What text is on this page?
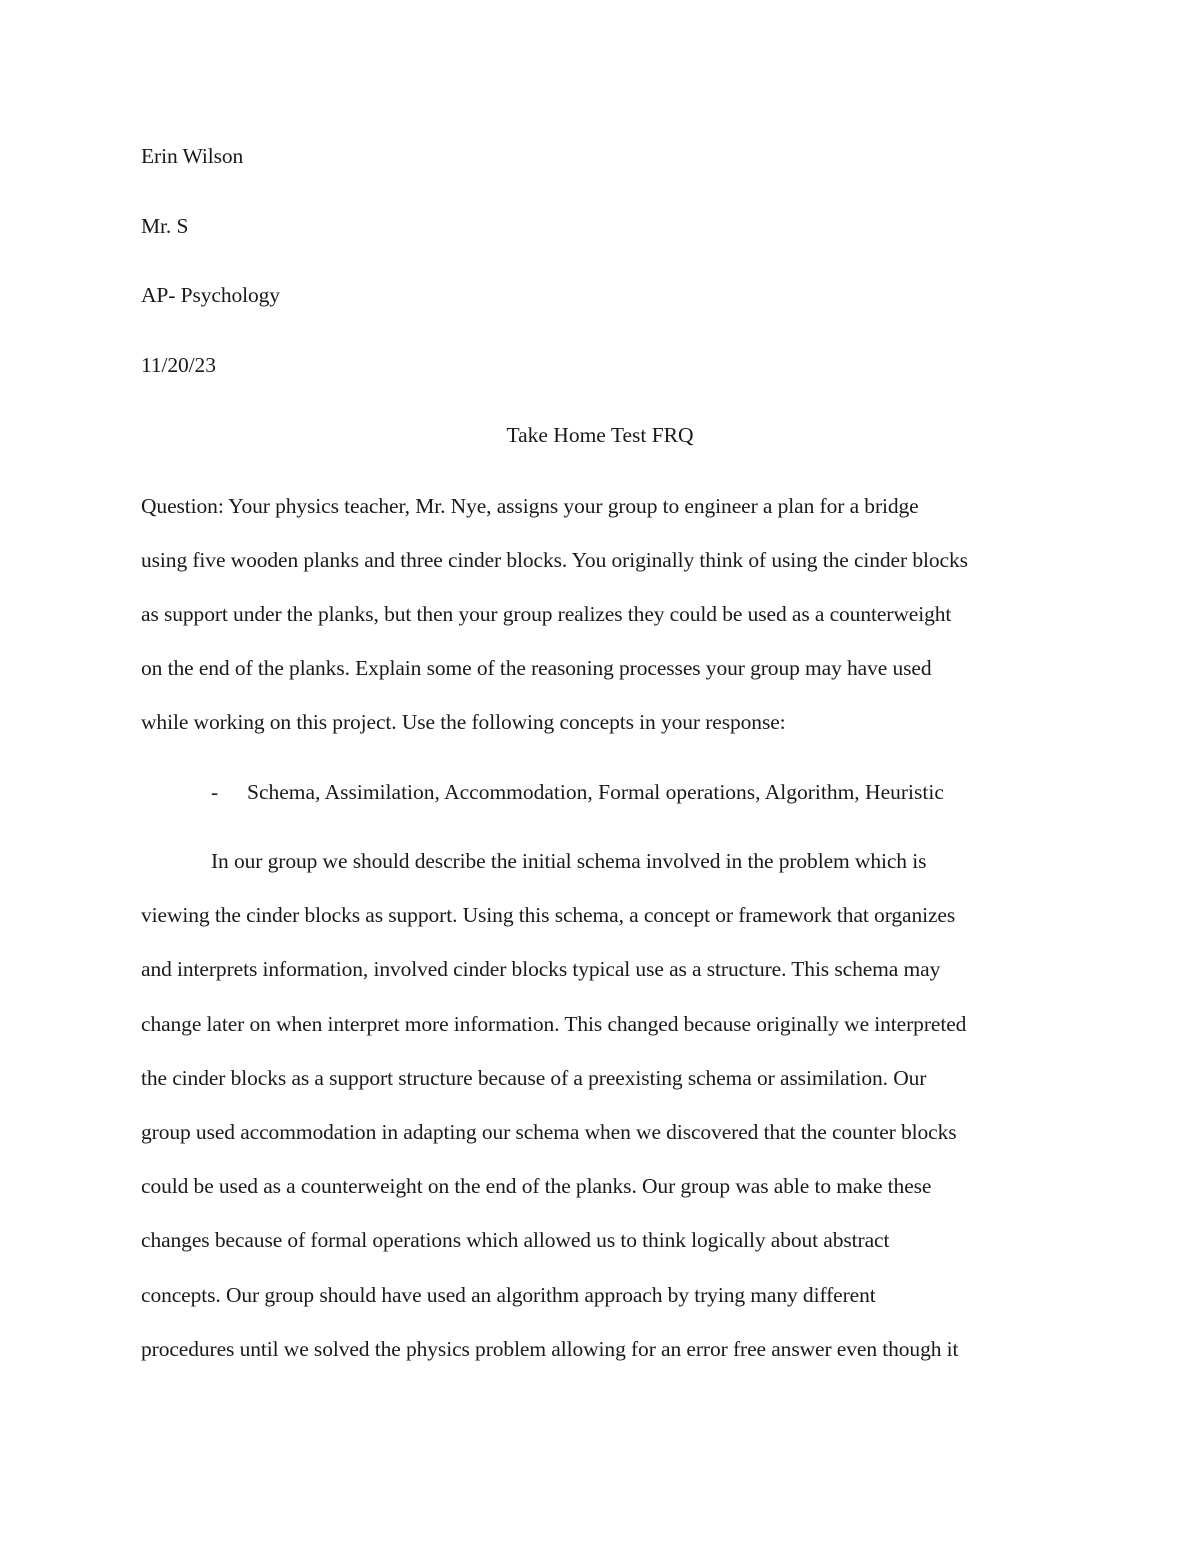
Erin Wilson
Mr. S
AP- Psychology
11/20/23
Take Home Test FRQ
Question: Your physics teacher, Mr. Nye, assigns your group to engineer a plan for a bridge
using five wooden planks and three cinder blocks. You originally think of using the cinder blocks
as support under the planks, but then your group realizes they could be used as a counterweight
on the end of the planks. Explain some of the reasoning processes your group may have used
while working on this project. Use the following concepts in your response:
- Schema, Assimilation, Accommodation, Formal operations, Algorithm, Heuristic
In our group we should describe the initial schema involved in the problem which is
viewing the cinder blocks as support. Using this schema, a concept or framework that organizes
and interprets information, involved cinder blocks typical use as a structure. This schema may
change later on when interpret more information. This changed because originally we interpreted
the cinder blocks as a support structure because of a preexisting schema or assimilation. Our
group used accommodation in adapting our schema when we discovered that the counter blocks
could be used as a counterweight on the end of the planks. Our group was able to make these
changes because of formal operations which allowed us to think logically about abstract
concepts. Our group should have used an algorithm approach by trying many different
procedures until we solved the physics problem allowing for an error free answer even though it
